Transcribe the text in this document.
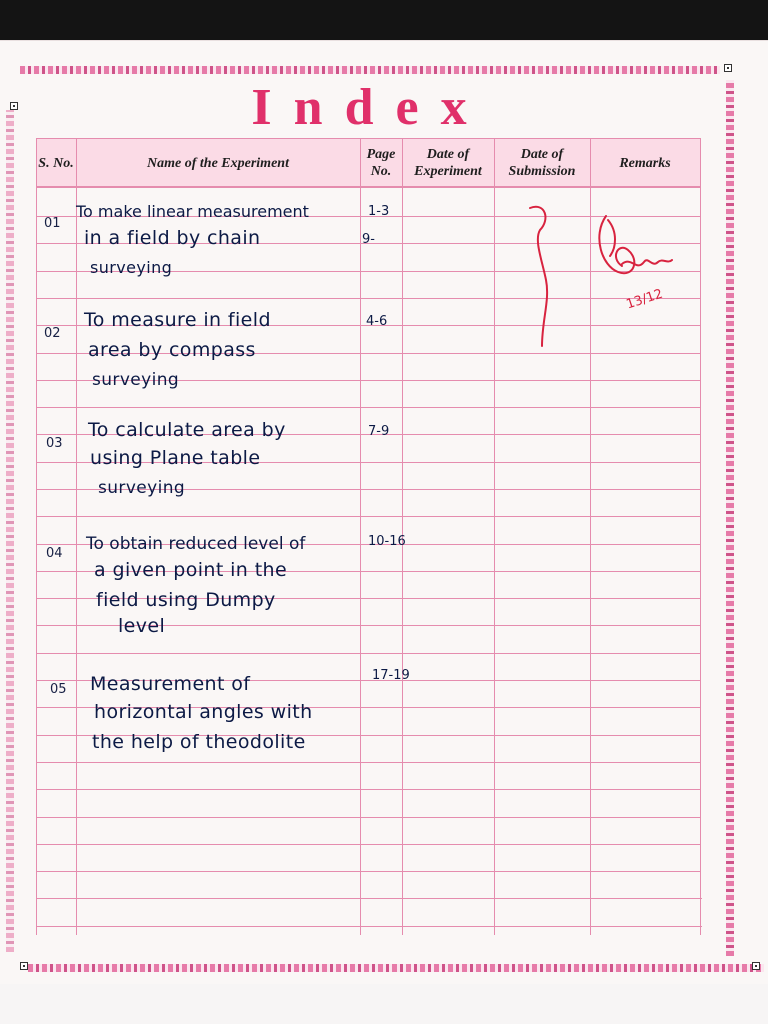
Index
S. No.	Name of the Experiment
Page No.
Date of Experiment
Date of Submission
Remarks
01
To make linear measurement
in a field by chain
surveying
1-3
9-
02
To measure in field
area by compass
surveying
4-6
03
To calculate area by
using Plane table
surveying
7-9
04 To obtain reduced level of
a given point in the
field using Dumpy
level
10-16
05 Measurement of
horizontal angles with
the help of theodolite
17-19
13/12
